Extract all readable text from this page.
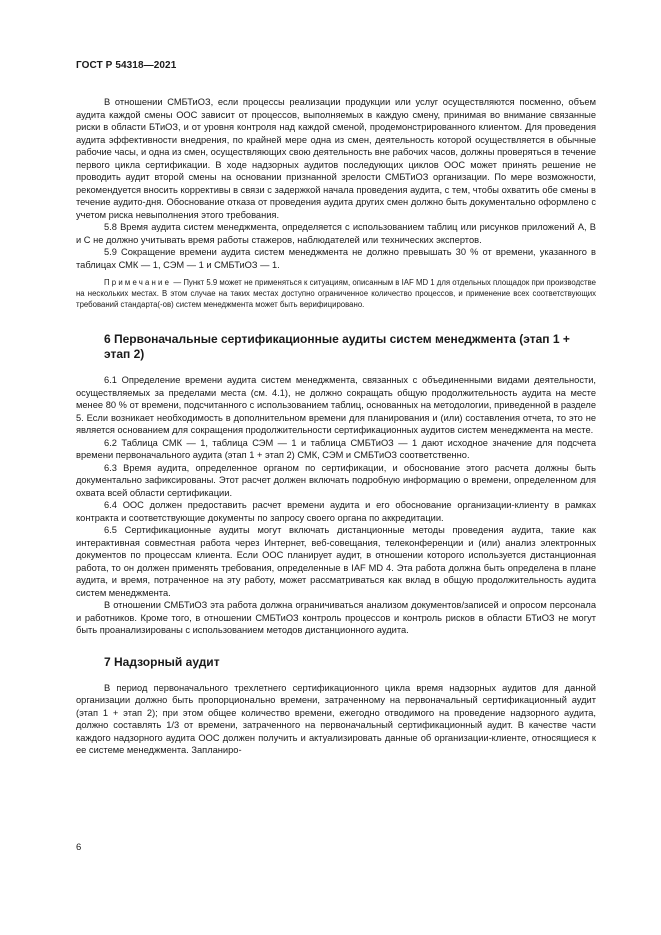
ГОСТ Р 54318—2021

В отношении СМБТиОЗ, если процессы реализации продукции или услуг осуществляются посменно, объем аудита каждой смены ООС зависит от процессов, выполняемых в каждую смену, принимая во внимание связанные риски в области БТиОЗ, и от уровня контроля над каждой сменой, продемонстрированного клиентом. Для проведения аудита эффективности внедрения, по крайней мере одна из смен, деятельность которой осуществляется в обычные рабочие часы, и одна из смен, осуществляющих свою деятельность вне рабочих часов, должны проверяться в течение первого цикла сертификации. В ходе надзорных аудитов последующих циклов ООС может принять решение не проводить аудит второй смены на основании признанной зрелости СМБТиОЗ организации. По мере возможности, рекомендуется вносить коррективы в связи с задержкой начала проведения аудита, с тем, чтобы охватить обе смены в течение аудито-дня. Обоснование отказа от проведения аудита других смен должно быть документально оформлено с учетом риска невыполнения этого требования.

5.8 Время аудита систем менеджмента, определяется с использованием таблиц или рисунков приложений А, В и С не должно учитывать время работы стажеров, наблюдателей или технических экспертов.

5.9 Сокращение времени аудита систем менеджмента не должно превышать 30 % от времени, указанного в таблицах СМК — 1, СЭМ — 1 и СМБТиОЗ — 1.

Примечание — Пункт 5.9 может не применяться к ситуациям, описанным в IAF MD 1 для отдельных площадок при производстве на нескольких местах. В этом случае на таких местах доступно ограниченное количество процессов, и применение всех соответствующих требований стандарта(-ов) систем менеджмента может быть верифицировано.

6 Первоначальные сертификационные аудиты систем менеджмента (этап 1 + этап 2)

6.1 Определение времени аудита систем менеджмента, связанных с объединенными видами деятельности, осуществляемых за пределами места (см. 4.1), не должно сокращать общую продолжительность аудита на месте менее 80 % от времени, подсчитанного с использованием таблиц, основанных на методологии, приведенной в разделе 5. Если возникает необходимость в дополнительном времени для планирования и (или) составления отчета, то это не является основанием для сокращения продолжительности сертификационных аудитов систем менеджмента на месте.

6.2 Таблица СМК — 1, таблица СЭМ — 1 и таблица СМБТиОЗ — 1 дают исходное значение для подсчета времени первоначального аудита (этап 1 + этап 2) СМК, СЭМ и СМБТиОЗ соответственно.

6.3 Время аудита, определенное органом по сертификации, и обоснование этого расчета должны быть документально зафиксированы. Этот расчет должен включать подробную информацию о времени, определенном для охвата всей области сертификации.

6.4 ООС должен предоставить расчет времени аудита и его обоснование организации-клиенту в рамках контракта и соответствующие документы по запросу своего органа по аккредитации.

6.5 Сертификационные аудиты могут включать дистанционные методы проведения аудита, такие как интерактивная совместная работа через Интернет, веб-совещания, телеконференции и (или) анализ электронных документов по процессам клиента. Если ООС планирует аудит, в отношении которого используется дистанционная работа, то он должен применять требования, определенные в IAF MD 4. Эта работа должна быть определена в плане аудита, и время, потраченное на эту работу, может рассматриваться как вклад в общую продолжительность аудита систем менеджмента.

В отношении СМБТиОЗ эта работа должна ограничиваться анализом документов/записей и опросом персонала и работников. Кроме того, в отношении СМБТиОЗ контроль процессов и контроль рисков в области БТиОЗ не могут быть проанализированы с использованием методов дистанционного аудита.

7 Надзорный аудит

В период первоначального трехлетнего сертификационного цикла время надзорных аудитов для данной организации должно быть пропорционально времени, затраченному на первоначальный сертификационный аудит (этап 1 + этап 2); при этом общее количество времени, ежегодно отводимого на проведение надзорного аудита, должно составлять 1/3 от времени, затраченного на первоначальный сертификационный аудит. В качестве части каждого надзорного аудита ООС должен получить и актуализировать данные об организации-клиенте, относящиеся к ее системе менеджмента. Запланиро-

6
